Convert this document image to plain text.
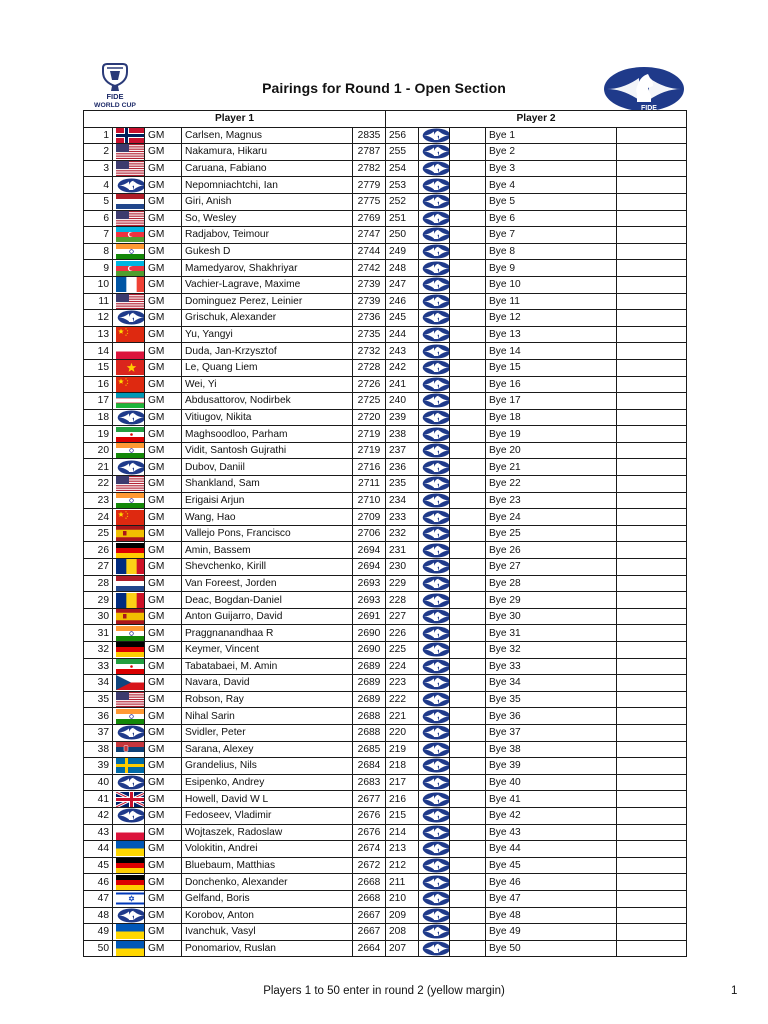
FIDE
WORLD CUP
Pairings for Round 1 - Open Section
FIDE
Player 1					Player 2				
1		GM	Carlsen, Magnus	2835	256			Bye 1	
2		GM	Nakamura, Hikaru	2787	255			Bye 2	
3		GM	Caruana, Fabiano	2782	254			Bye 3	
4		GM	Nepomniachtchi, Ian	2779	253			Bye 4	
5		GM	Giri, Anish	2775	252			Bye 5	
6		GM	So, Wesley	2769	251			Bye 6	
7		GM	Radjabov, Teimour	2747	250			Bye 7	
8		GM	Gukesh D	2744	249			Bye 8	
9		GM	Mamedyarov, Shakhriyar	2742	248			Bye 9	
10		GM	Vachier-Lagrave, Maxime	2739	247			Bye 10	
11		GM	Dominguez Perez, Leinier	2739	246			Bye 11	
12		GM	Grischuk, Alexander	2736	245			Bye 12	
13		GM	Yu, Yangyi	2735	244			Bye 13	
14		GM	Duda, Jan-Krzysztof	2732	243			Bye 14	
15		GM	Le, Quang Liem	2728	242			Bye 15	
16		GM	Wei, Yi	2726	241			Bye 16	
17		GM	Abdusattorov, Nodirbek	2725	240			Bye 17	
18		GM	Vitiugov, Nikita	2720	239			Bye 18	
19		GM	Maghsoodloo, Parham	2719	238			Bye 19	
20		GM	Vidit, Santosh Gujrathi	2719	237			Bye 20	
21		GM	Dubov, Daniil	2716	236			Bye 21	
22		GM	Shankland, Sam	2711	235			Bye 22	
23		GM	Erigaisi Arjun	2710	234			Bye 23	
24		GM	Wang, Hao	2709	233			Bye 24	
25		GM	Vallejo Pons, Francisco	2706	232			Bye 25	
26		GM	Amin, Bassem	2694	231			Bye 26	
27		GM	Shevchenko, Kirill	2694	230			Bye 27	
28		GM	Van Foreest, Jorden	2693	229			Bye 28	
29		GM	Deac, Bogdan-Daniel	2693	228			Bye 29	
30		GM	Anton Guijarro, David	2691	227			Bye 30	
31		GM	Praggnanandhaa R	2690	226			Bye 31	
32		GM	Keymer, Vincent	2690	225			Bye 32	
33		GM	Tabatabaei, M. Amin	2689	224			Bye 33	
34		GM	Navara, David	2689	223			Bye 34	
35		GM	Robson, Ray	2689	222			Bye 35	
36		GM	Nihal Sarin	2688	221			Bye 36	
37		GM	Svidler, Peter	2688	220			Bye 37	
38		GM	Sarana, Alexey	2685	219			Bye 38	
39		GM	Grandelius, Nils	2684	218			Bye 39	
40		GM	Esipenko, Andrey	2683	217			Bye 40	
41		GM	Howell, David W L	2677	216			Bye 41	
42		GM	Fedoseev, Vladimir	2676	215			Bye 42	
43		GM	Wojtaszek, Radoslaw	2676	214			Bye 43	
44		GM	Volokitin, Andrei	2674	213			Bye 44	
45		GM	Bluebaum, Matthias	2672	212			Bye 45	
46		GM	Donchenko, Alexander	2668	211			Bye 46	
47		GM	Gelfand, Boris	2668	210			Bye 47	
48		GM	Korobov, Anton	2667	209			Bye 48	
49		GM	Ivanchuk, Vasyl	2667	208			Bye 49	
50		GM	Ponomariov, Ruslan	2664	207			Bye 50	
Players 1 to 50 enter in round 2 (yellow margin)	1
